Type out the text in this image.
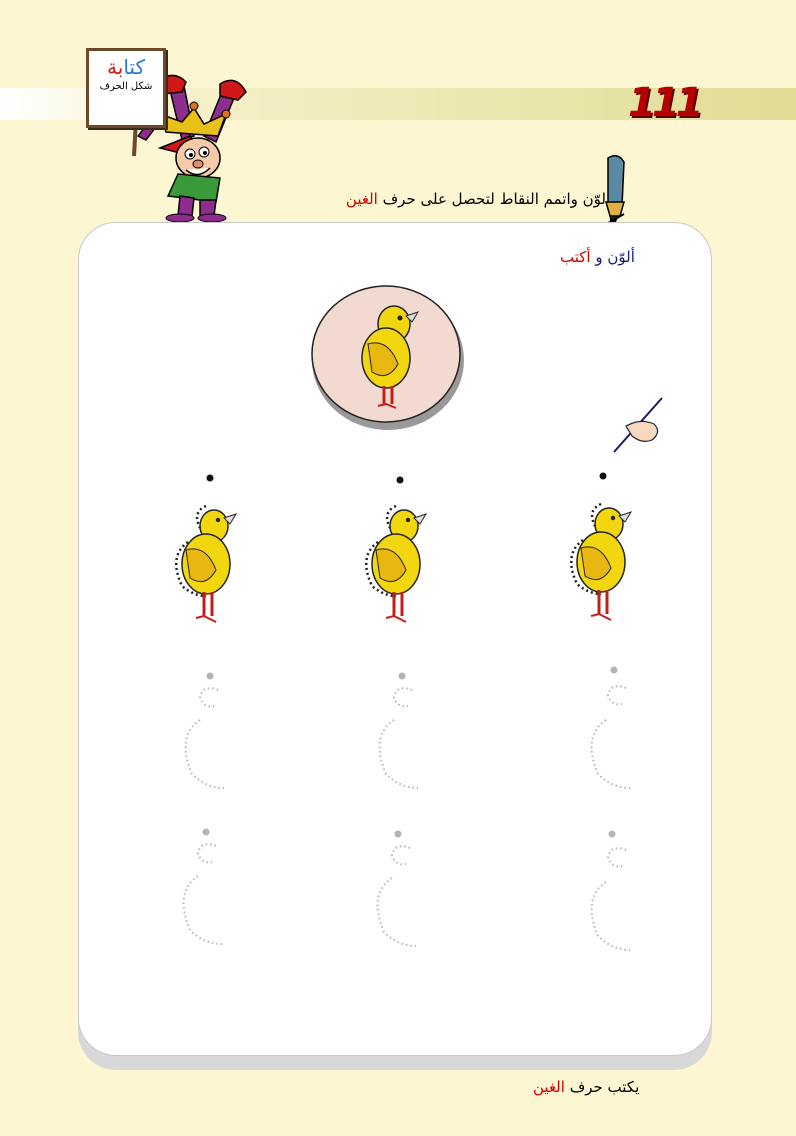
111
كتابة
شكل الحرف
لوّن واتمم النقاط لتحصل على حرف الغين
ألوّن و أكتب
يكتب حرف الغين
